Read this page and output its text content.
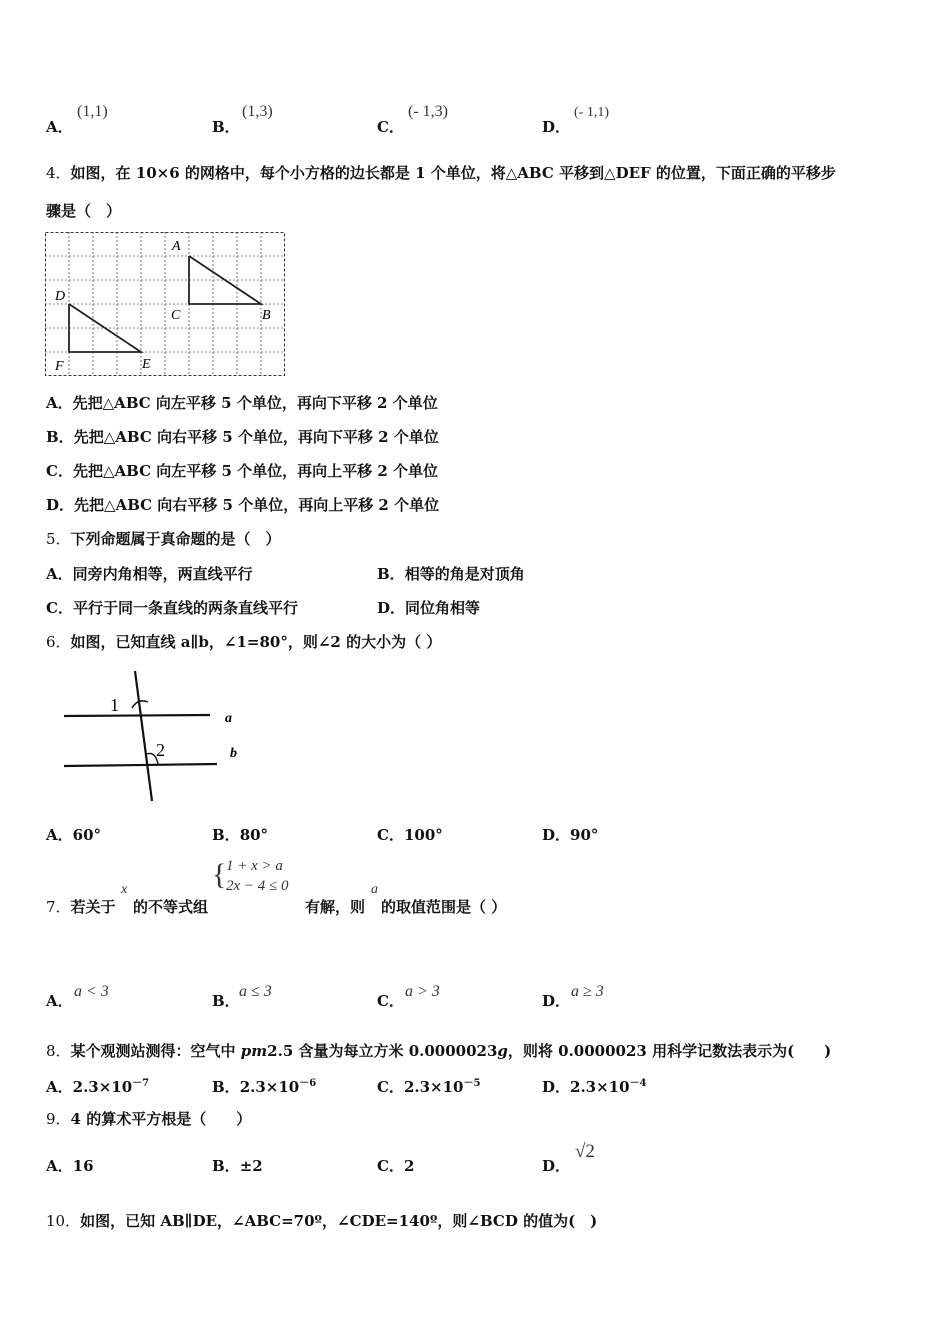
A．
(1,1)
B．
(1,3)
C．
(- 1,3)
D．
(- 1,1)
4．如图，在 10×6 的网格中，每个小方格的边长都是 1 个单位，将△ABC 平移到△DEF 的位置，下面正确的平移步
骤是（　）
A
B
C
D
E
F
A．先把△ABC 向左平移 5 个单位，再向下平移 2 个单位
B．先把△ABC 向右平移 5 个单位，再向下平移 2 个单位
C．先把△ABC 向左平移 5 个单位，再向上平移 2 个单位
D．先把△ABC 向右平移 5 个单位，再向上平移 2 个单位
5．下列命题属于真命题的是（　）
A．同旁内角相等，两直线平行	B．相等的角是对顶角
C．平行于同一条直线的两条直线平行	D．同位角相等
6．如图，已知直线 a∥b，∠1=80°，则∠2 的大小为（ ）
1
2
a
b
A．60°	B．80°	C．100°	D．90°
7．若关于
x
的不等式组
{ 1 + x > a
2x − 4 ≤ 0
有解，则
a
的取值范围是（ ）
A．
a < 3
B．
a ≤ 3
C．
a > 3
D．
a ≥ 3
8．某个观测站测得：空气中 pm2.5 含量为每立方米 0.0000023g，则将 0.0000023 用科学记数法表示为(　　)
A．$2.3\times 10^{-7}$	B．$2.3\times 10^{-6}$	C．$2.3\times 10^{-5}$	D．$2.3\times 10^{-4}$
9．4 的算术平方根是（　　）
A．16	B．±2	C．2	D．
√2
10．如图，已知 AB∥DE，∠ABC=70º，∠CDE=140º，则∠BCD 的值为(　)
